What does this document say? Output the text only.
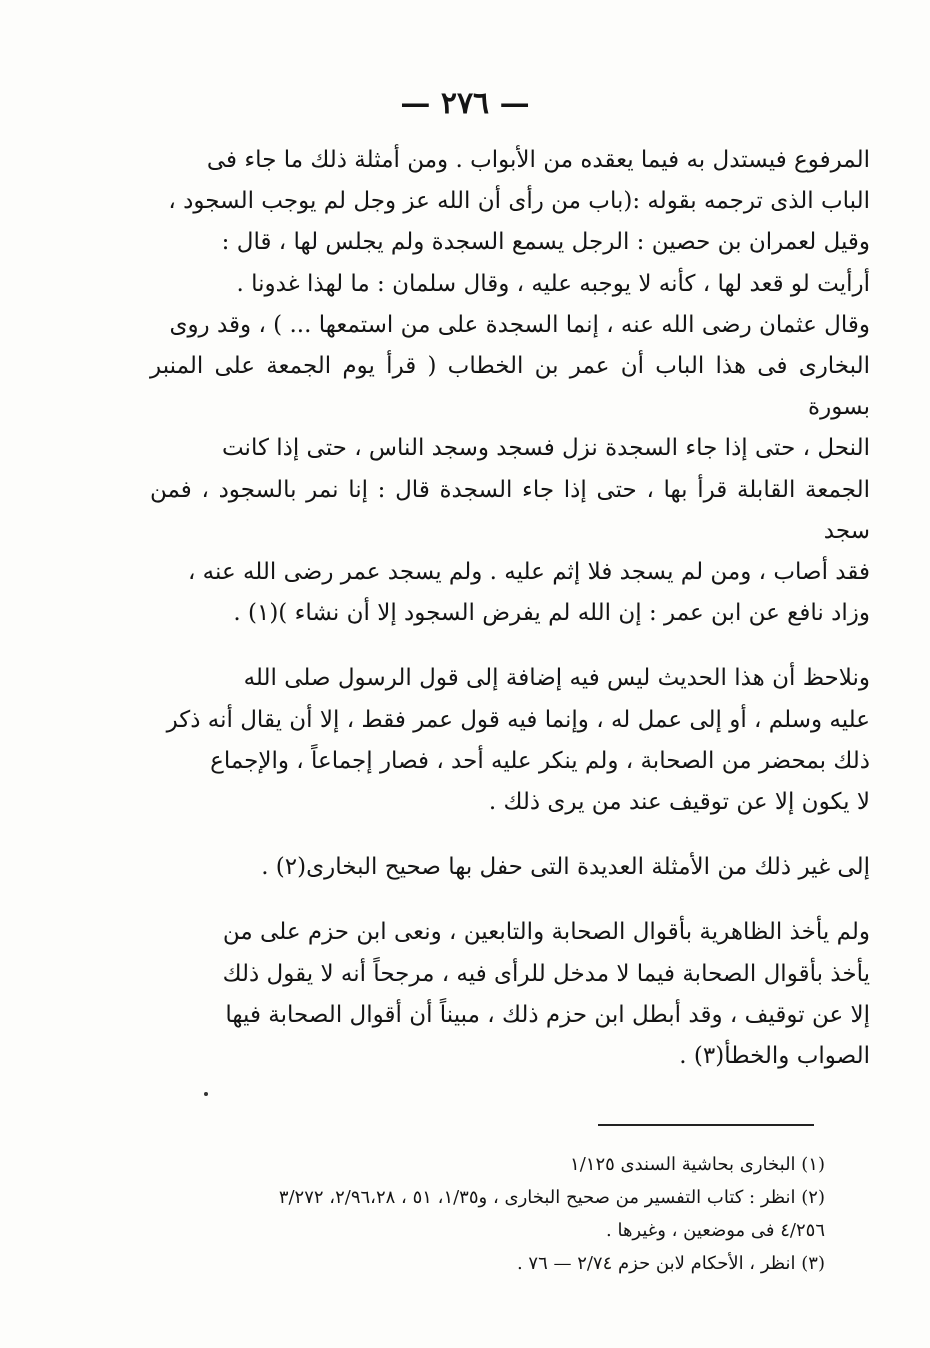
— ٢٧٦ —

المرفوع فيستدل به فيما يعقده من الأبواب . ومن أمثلة ذلك ما جاء فى

الباب الذى ترجمه بقوله :(باب من رأى أن الله عز وجل لم يوجب السجود ،

وقيل لعمران بن حصين : الرجل يسمع السجدة ولم يجلس لها ، قال :

أرأيت لو قعد لها ، كأنه لا يوجبه عليه ، وقال سلمان : ما لهذا غدونا .

وقال عثمان رضى الله عنه ، إنما السجدة على من استمعها ... ) ، وقد روى

البخارى فى هذا الباب أن عمر بن الخطاب ( قرأ يوم الجمعة على المنبر بسورة

النحل ، حتى إذا جاء السجدة نزل فسجد وسجد الناس ، حتى إذا كانت

الجمعة القابلة قرأ بها ، حتى إذا جاء السجدة قال : إنا نمر بالسجود ، فمن سجد

فقد أصاب ، ومن لم يسجد فلا إثم عليه . ولم يسجد عمر رضى الله عنه ،

وزاد نافع عن ابن عمر : إن الله لم يفرض السجود إلا أن نشاء )(١) .

ونلاحظ أن هذا الحديث ليس فيه إضافة إلى قول الرسول صلى الله

عليه وسلم ، أو إلى عمل له ، وإنما فيه قول عمر فقط ، إلا أن يقال أنه ذكر

ذلك بمحضر من الصحابة ، ولم ينكر عليه أحد ، فصار إجماعاً ، والإجماع

لا يكون إلا عن توقيف عند من يرى ذلك .

إلى غير ذلك من الأمثلة العديدة التى حفل بها صحيح البخارى(٢) .

ولم يأخذ الظاهرية بأقوال الصحابة والتابعين ، ونعى ابن حزم على من

يأخذ بأقوال الصحابة فيما لا مدخل للرأى فيه ، مرجحاً أنه لا يقول ذلك

إلا عن توقيف ، وقد أبطل ابن حزم ذلك ، مبيناً أن أقوال الصحابة فيها

الصواب والخطأ(٣) .

(١) البخارى بحاشية السندى ١/١٢٥

(٢) انظر : كتاب التفسير من صحيح البخارى ، و١/٣٥، ٥١ ، ٢/٩٦،٢٨، ٣/٢٧٢

٤/٢٥٦ فى موضعين ، وغيرها .

(٣) انظر ، الأحكام لابن حزم ٢/٧٤ — ٧٦ .
